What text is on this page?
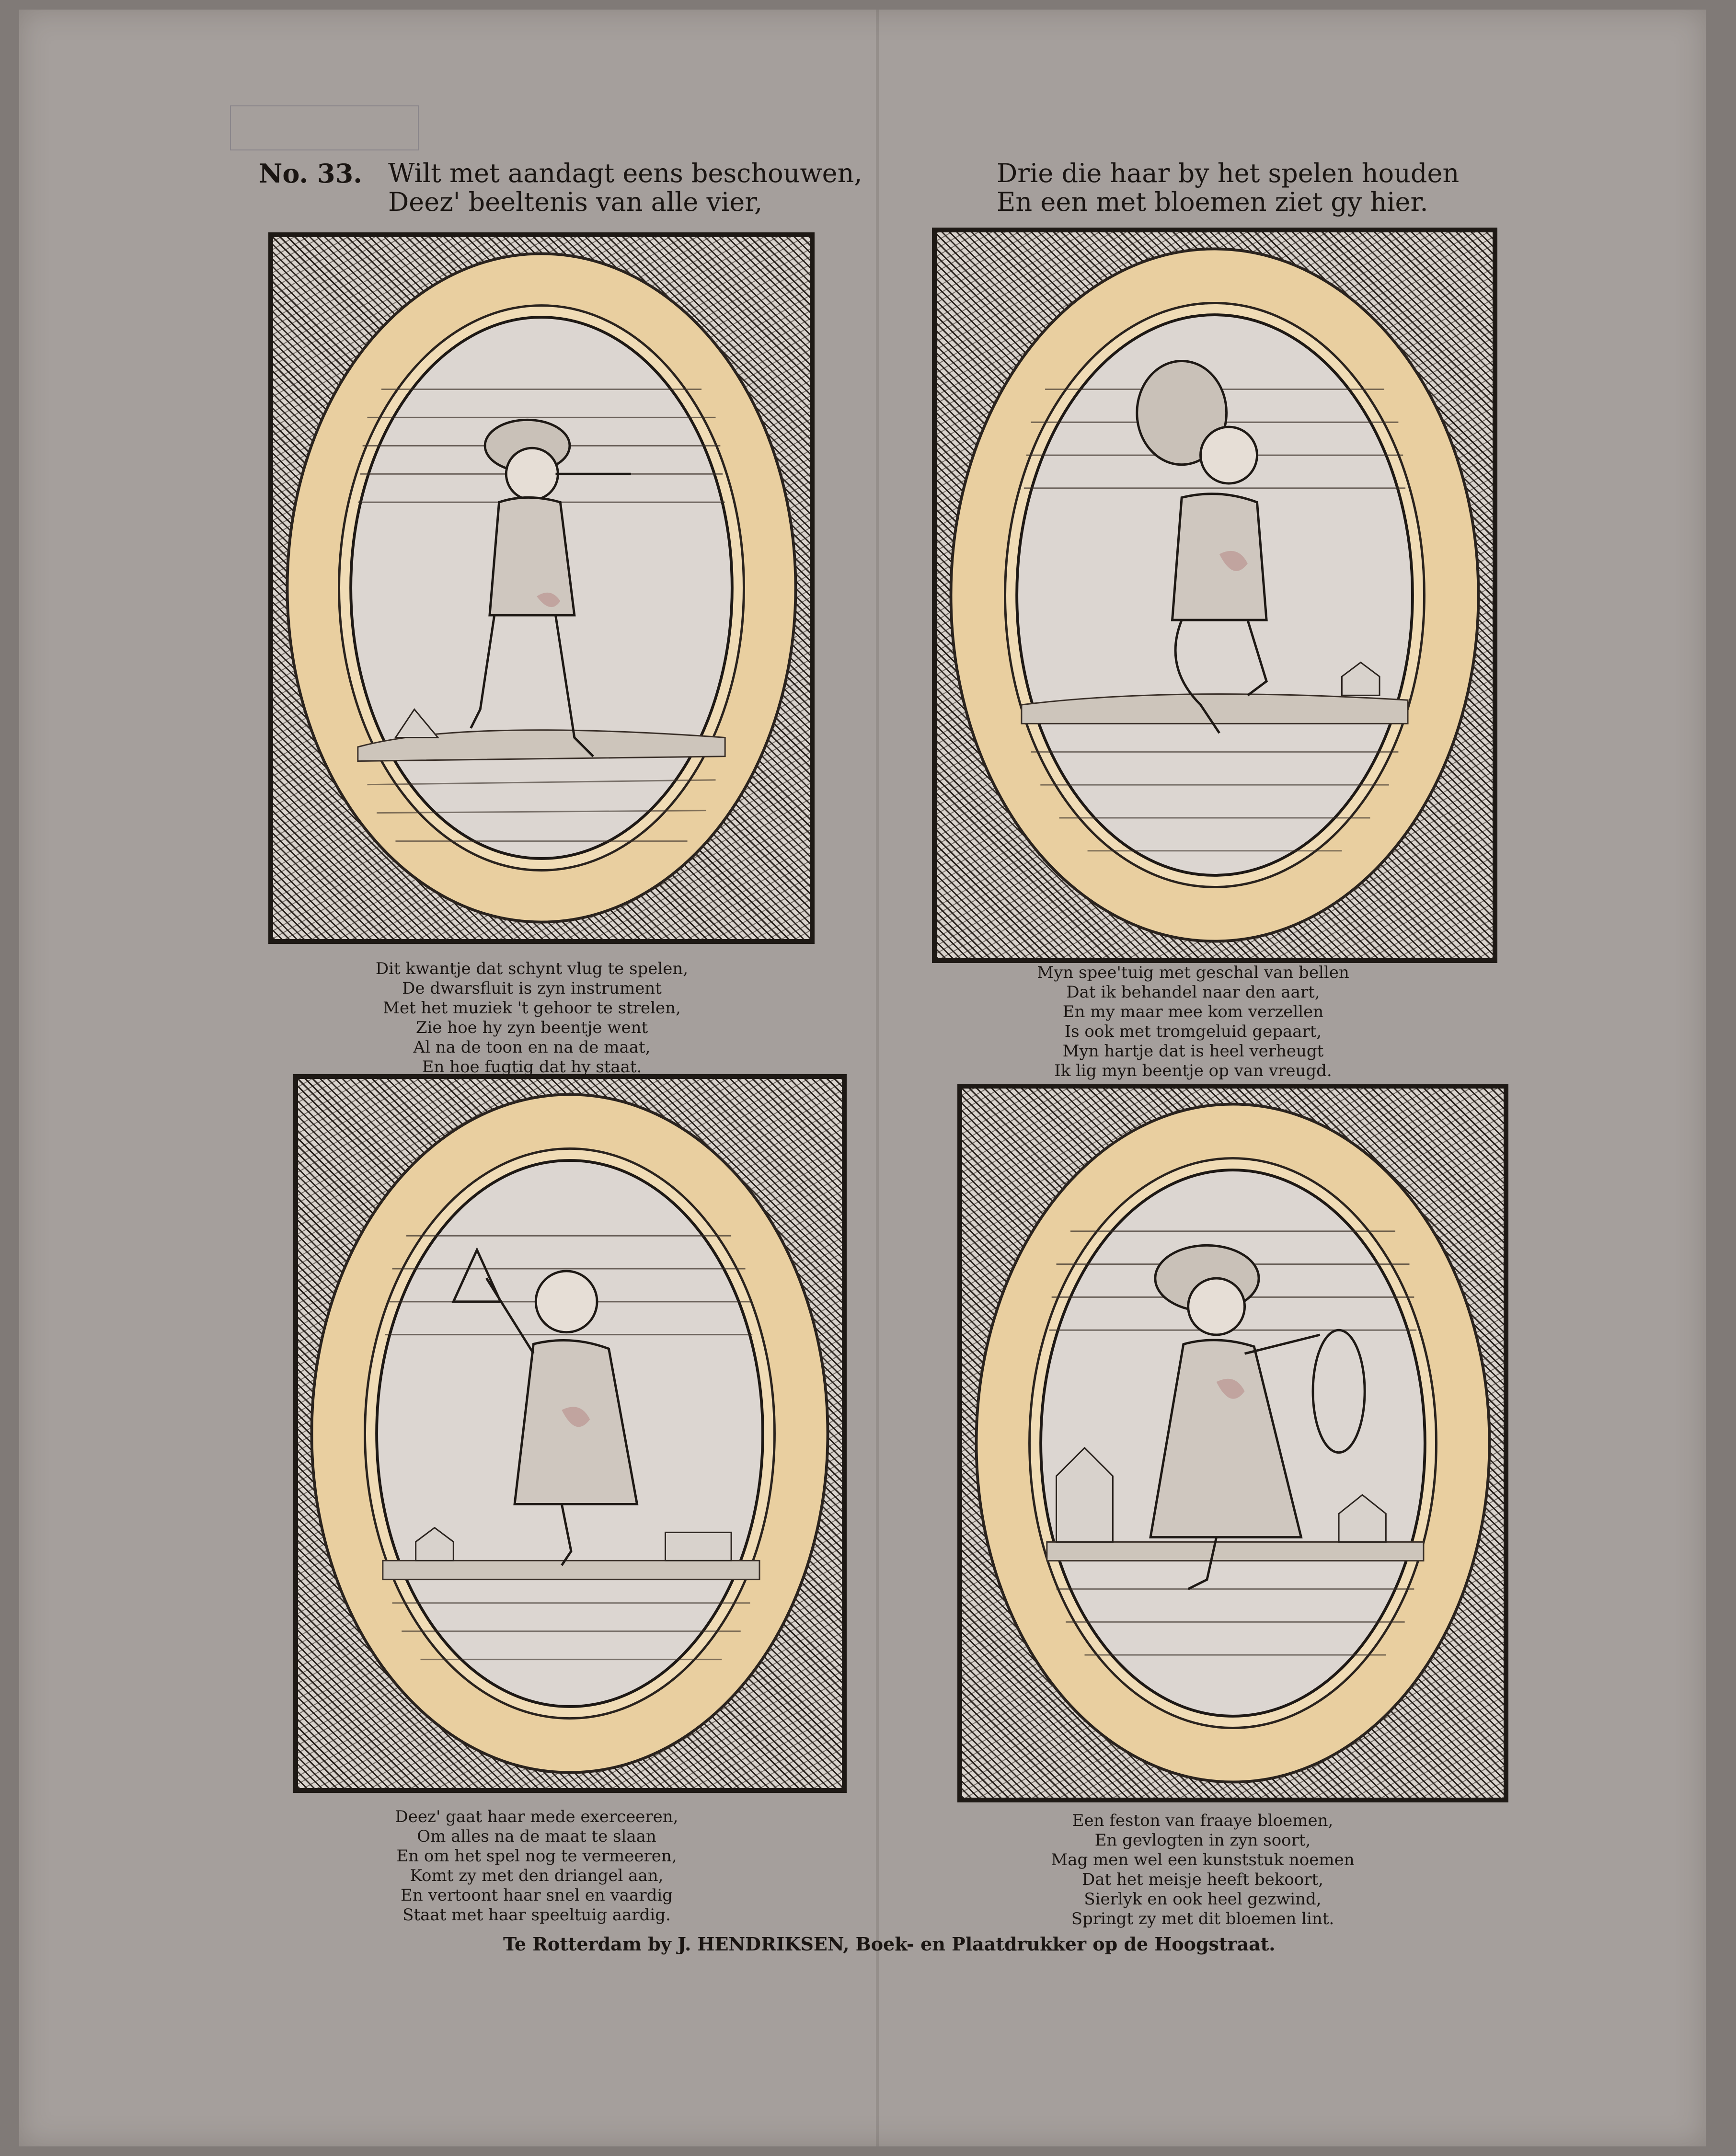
No. 33. Wilt met aandagt eens beschouwen,
Deez' beeltenis van alle vier,
Drie die haar by het spelen houden
En een met bloemen ziet gy hier.
Dit kwantje dat schynt vlug te spelen,
De dwarsfluit is zyn instrument
Met het muziek 't gehoor te strelen,
Zie hoe hy zyn beentje went
Al na de toon en na de maat,
En hoe fugtig dat hy staat.
Myn spee'tuig met geschal van bellen
Dat ik behandel naar den aart,
En my maar mee kom verzellen
Is ook met tromgeluid gepaart,
Myn hartje dat is heel verheugt
Ik lig myn beentje op van vreugd.
Deez' gaat haar mede exerceeren,
Om alles na de maat te slaan
En om het spel nog te vermeeren,
Komt zy met den driangel aan,
En vertoont haar snel en vaardig
Staat met haar speeltuig aardig.
Een feston van fraaye bloemen,
En gevlogten in zyn soort,
Mag men wel een kunststuk noemen
Dat het meisje heeft bekoort,
Sierlyk en ook heel gezwind,
Springt zy met dit bloemen lint.
Te Rotterdam by J. HENDRIKSEN, Boek- en Plaatdrukker op de Hoogstraat.
